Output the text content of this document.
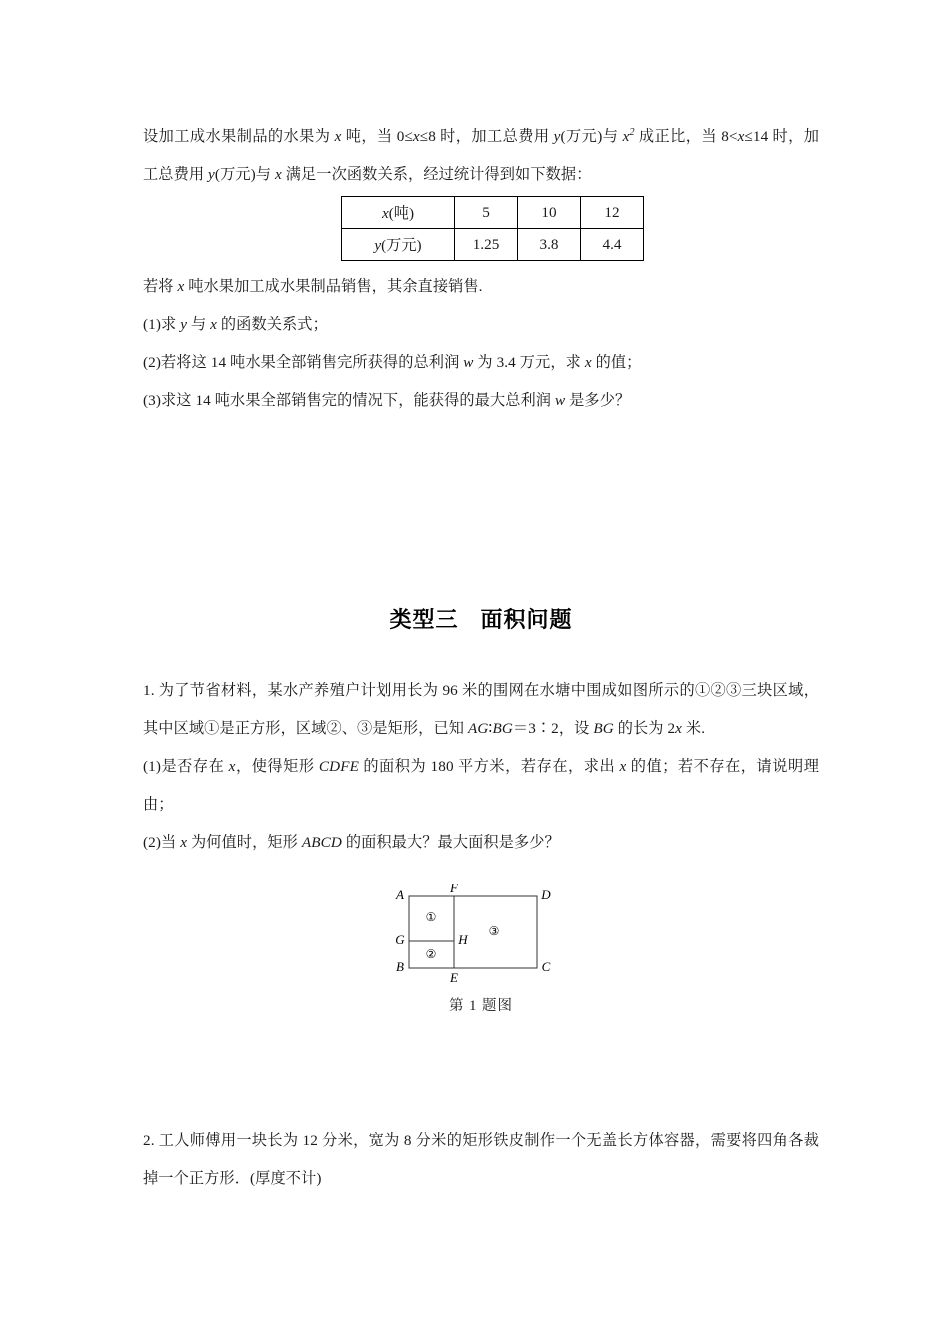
设加工成水果制品的水果为 x 吨，当 0≤x≤8 时，加工总费用 y(万元)与 $x^2$ 成正比，当 8<x≤14 时，加工总费用 y(万元)与 x 满足一次函数关系，经过统计得到如下数据：

x(吨)	5	10	12
y(万元)	1.25	3.8	4.4

若将 x 吨水果加工成水果制品销售，其余直接销售.

(1)求 y 与 x 的函数关系式；

(2)若将这 14 吨水果全部销售完所获得的总利润 w 为 3.4 万元，求 x 的值；

(3)求这 14 吨水果全部销售完的情况下，能获得的最大总利润 w 是多少？

类型三 面积问题

1. 为了节省材料，某水产养殖户计划用长为 96 米的围网在水塘中围成如图所示的①②③三块区域，其中区域①是正方形，区域②、③是矩形，已知 AG∶BG＝3∶2，设 BG 的长为 2x 米.

(1)是否存在 x，使得矩形 CDFE 的面积为 180 平方米，若存在，求出 x 的值；若不存在，请说明理由；

(2)当 x 为何值时，矩形 ABCD 的面积最大？最大面积是多少？

A	F	D
G	H
B
E
C
①
②
③
第 1 题图

2. 工人师傅用一块长为 12 分米，宽为 8 分米的矩形铁皮制作一个无盖长方体容器，需要将四角各裁掉一个正方形．(厚度不计)
